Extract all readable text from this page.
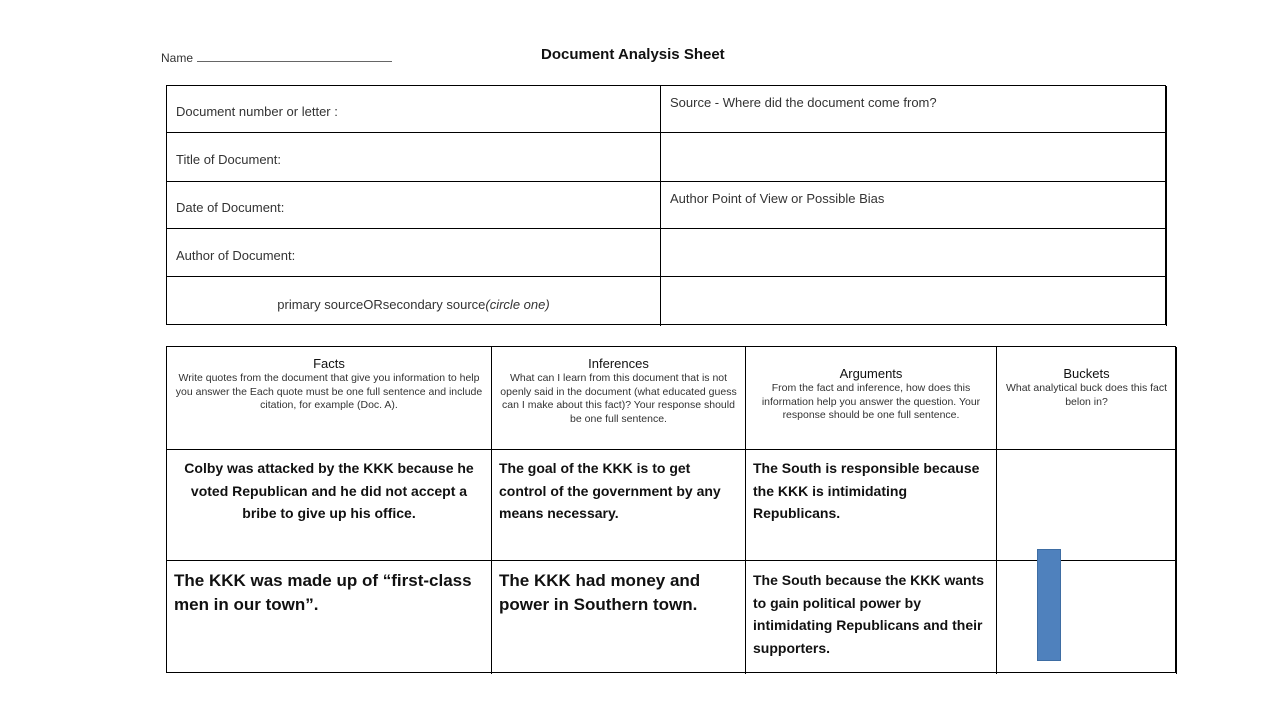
Name	Document Analysis Sheet
Document number or letter :
Source - Where did the document come from?
Title of Document:
Date of Document:
Author Point of View or Possible Bias
Author of Document:
primary source OR secondary source (circle one)
Facts
Write quotes from the document that give you information to help you answer the Each quote must be one full sentence and include citation, for example (Doc. A).
Inferences
What can I learn from this document that is not openly said in the document (what educated guess can I make about this fact)? Your response should be one full sentence.
Arguments
From the fact and inference, how does this information help you answer the question. Your response should be one full sentence.
Buckets
What analytical buck does this fact belon in?
Colby was attacked by the KKK because he voted Republican and he did not accept a bribe to give up his office.
The goal of the KKK is to get control of the government by any means necessary.
The South is responsible because the KKK is intimidating Republicans.
The KKK was made up of “first-class men in our town”.
The KKK had money and power in Southern town.
The South because the KKK wants to gain political power by intimidating Republicans and their supporters.
